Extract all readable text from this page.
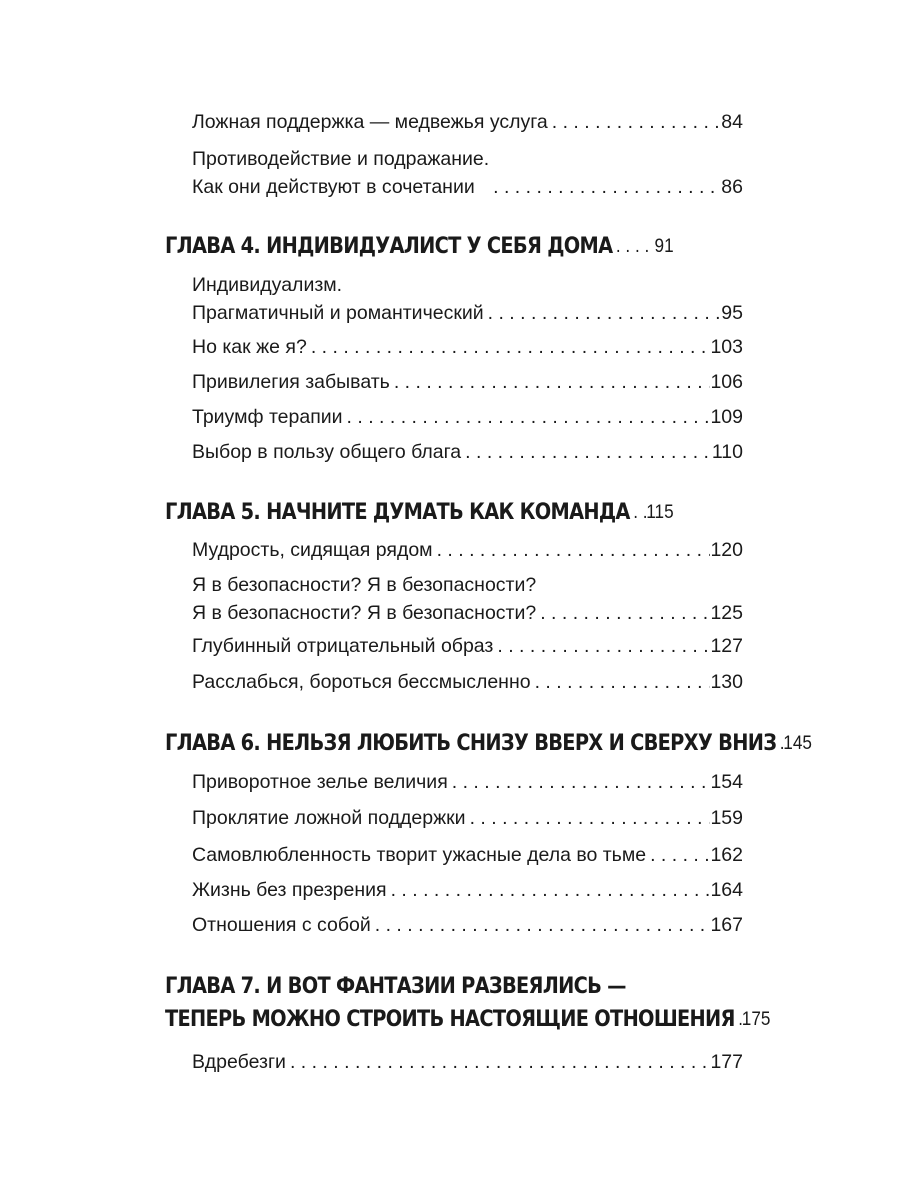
Ложная поддержка — медвежья услуга . . .	84
Противодействие и подражание.
Как они действуют в сочетании . . .	86
ГЛАВА 4. ИНДИВИДУАЛИСТ У СЕБЯ ДОМА . . . 91
Индивидуализм.
Прагматичный и романтический . . .	95
Но как же я? . . .	103
Привилегия забывать . . .	106
Триумф терапии . . .	109
Выбор в пользу общего блага . . .	110
ГЛАВА 5. НАЧНИТЕ ДУМАТЬ КАК КОМАНДА . . . 115
Мудрость, сидящая рядом . . .	120
Я в безопасности? Я в безопасности?
Я в безопасности? Я в безопасности? . . .	125
Глубинный отрицательный образ . . .	127
Расслабься, бороться бессмысленно . . .	130
ГЛАВА 6. НЕЛЬЗЯ ЛЮБИТЬ СНИЗУ ВВЕРХ И СВЕРХУ ВНИЗ . . . 145
Приворотное зелье величия . . .	154
Проклятие ложной поддержки . . .	159
Самовлюбленность творит ужасные дела во тьме . . .	162
Жизнь без презрения . . .	164
Отношения с собой . . .	167
ГЛАВА 7. И ВОТ ФАНТАЗИИ РАЗВЕЯЛИСЬ —
ТЕПЕРЬ МОЖНО СТРОИТЬ НАСТОЯЩИЕ ОТНОШЕНИЯ . . . 175
Вдребезги . . .	177
